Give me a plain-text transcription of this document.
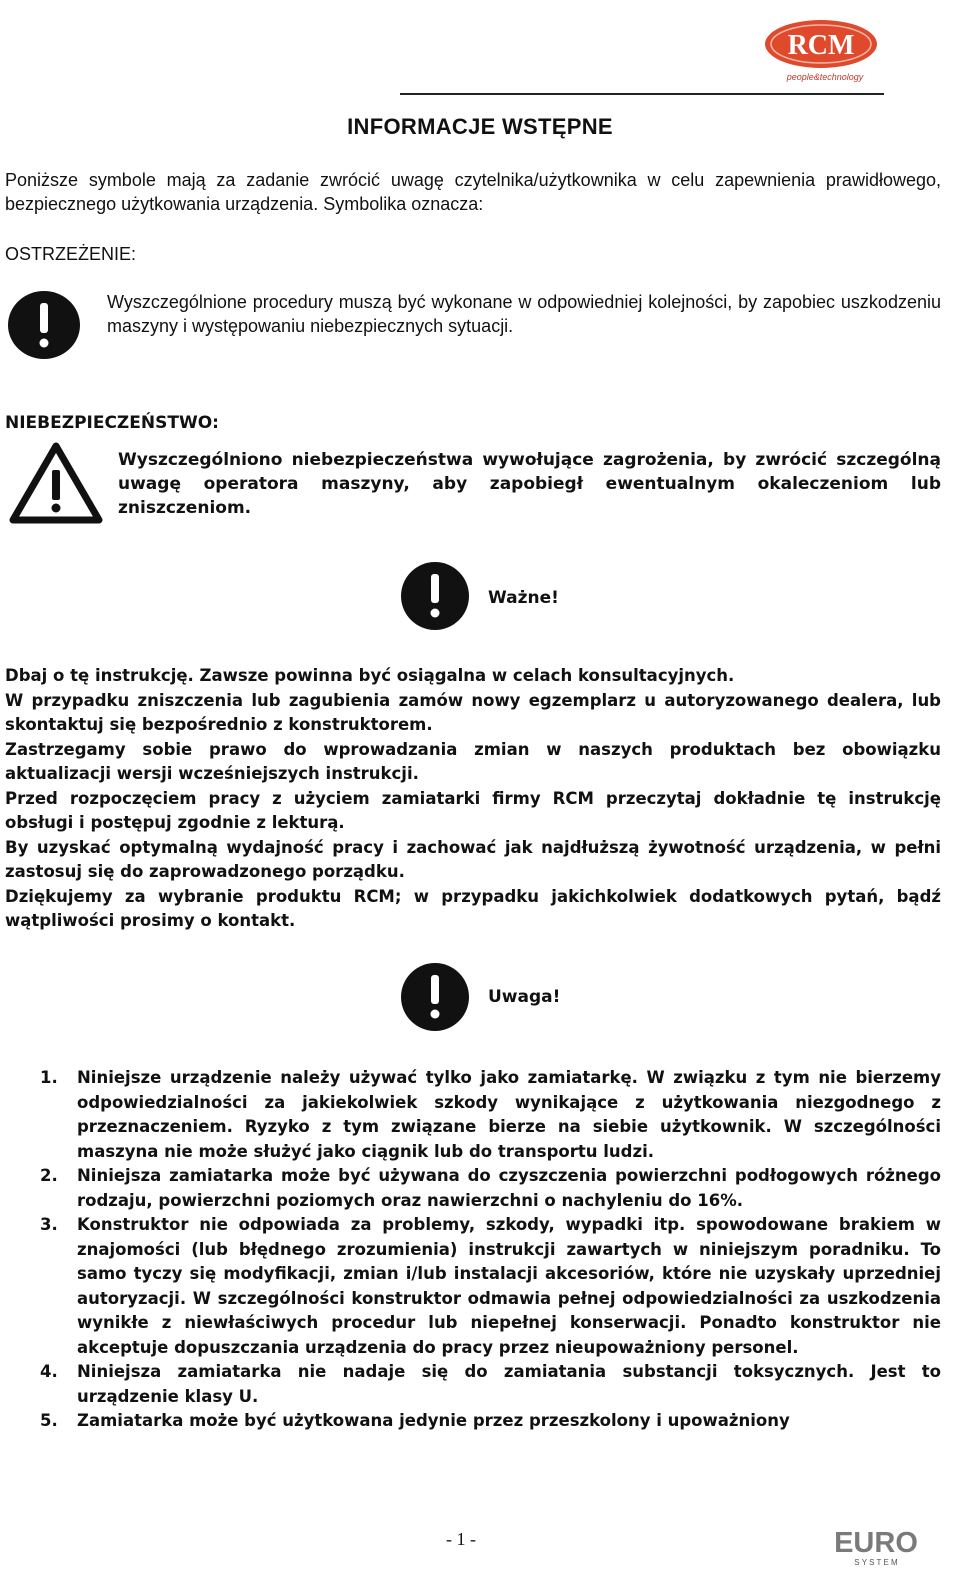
RCM
people&technology
INFORMACJE WSTĘPNE

Poniższe symbole mają za zadanie zwrócić uwagę czytelnika/użytkownika w celu zapewnienia prawidłowego, bezpiecznego użytkowania urządzenia. Symbolika oznacza:

OSTRZEŻENIE:

Wyszczególnione procedury muszą być wykonane w odpowiedniej kolejności, by zapobiec uszkodzeniu maszyny i występowaniu niebezpiecznych sytuacji.

NIEBEZPIECZEŃSTWO:

Wyszczególniono niebezpieczeństwa wywołujące zagrożenia, by zwrócić szczególną uwagę operatora maszyny, aby zapobiegł ewentualnym okaleczeniom lub zniszczeniom.

Ważne!

Dbaj o tę instrukcję. Zawsze powinna być osiągalna w celach konsultacyjnych.

W przypadku zniszczenia lub zagubienia zamów nowy egzemplarz u autoryzowanego dealera, lub skontaktuj się bezpośrednio z konstruktorem.

Zastrzegamy sobie prawo do wprowadzania zmian w naszych produktach bez obowiązku aktualizacji wersji wcześniejszych instrukcji.

Przed rozpoczęciem pracy z użyciem zamiatarki firmy RCM przeczytaj dokładnie tę instrukcję obsługi i postępuj zgodnie z lekturą.

By uzyskać optymalną wydajność pracy i zachować jak najdłuższą żywotność urządzenia, w pełni zastosuj się do zaprowadzonego porządku.

Dziękujemy za wybranie produktu RCM; w przypadku jakichkolwiek dodatkowych pytań, bądź wątpliwości prosimy o kontakt.

Uwaga!
1. Niniejsze urządzenie należy używać tylko jako zamiatarkę. W związku z tym nie bierzemy odpowiedzialności za jakiekolwiek szkody wynikające z użytkowania niezgodnego z przeznaczeniem. Ryzyko z tym związane bierze na siebie użytkownik. W szczególności maszyna nie może służyć jako ciągnik lub do transportu ludzi.
2. Niniejsza zamiatarka może być używana do czyszczenia powierzchni podłogowych różnego rodzaju, powierzchni poziomych oraz nawierzchni o nachyleniu do 16%.
3. Konstruktor nie odpowiada za problemy, szkody, wypadki itp. spowodowane brakiem w znajomości (lub błędnego zrozumienia) instrukcji zawartych w niniejszym poradniku. To samo tyczy się modyfikacji, zmian i/lub instalacji akcesoriów, które nie uzyskały uprzedniej autoryzacji. W szczególności konstruktor odmawia pełnej odpowiedzialności za uszkodzenia wynikłe z niewłaściwych procedur lub niepełnej konserwacji. Ponadto konstruktor nie akceptuje dopuszczania urządzenia do pracy przez nieupoważniony personel.
4. Niniejsza zamiatarka nie nadaje się do zamiatania substancji toksycznych. Jest to urządzenie klasy U.
5. Zamiatarka może być użytkowana jedynie przez przeszkolony i upoważniony
- 1 -	EURO
S Y S T E M
